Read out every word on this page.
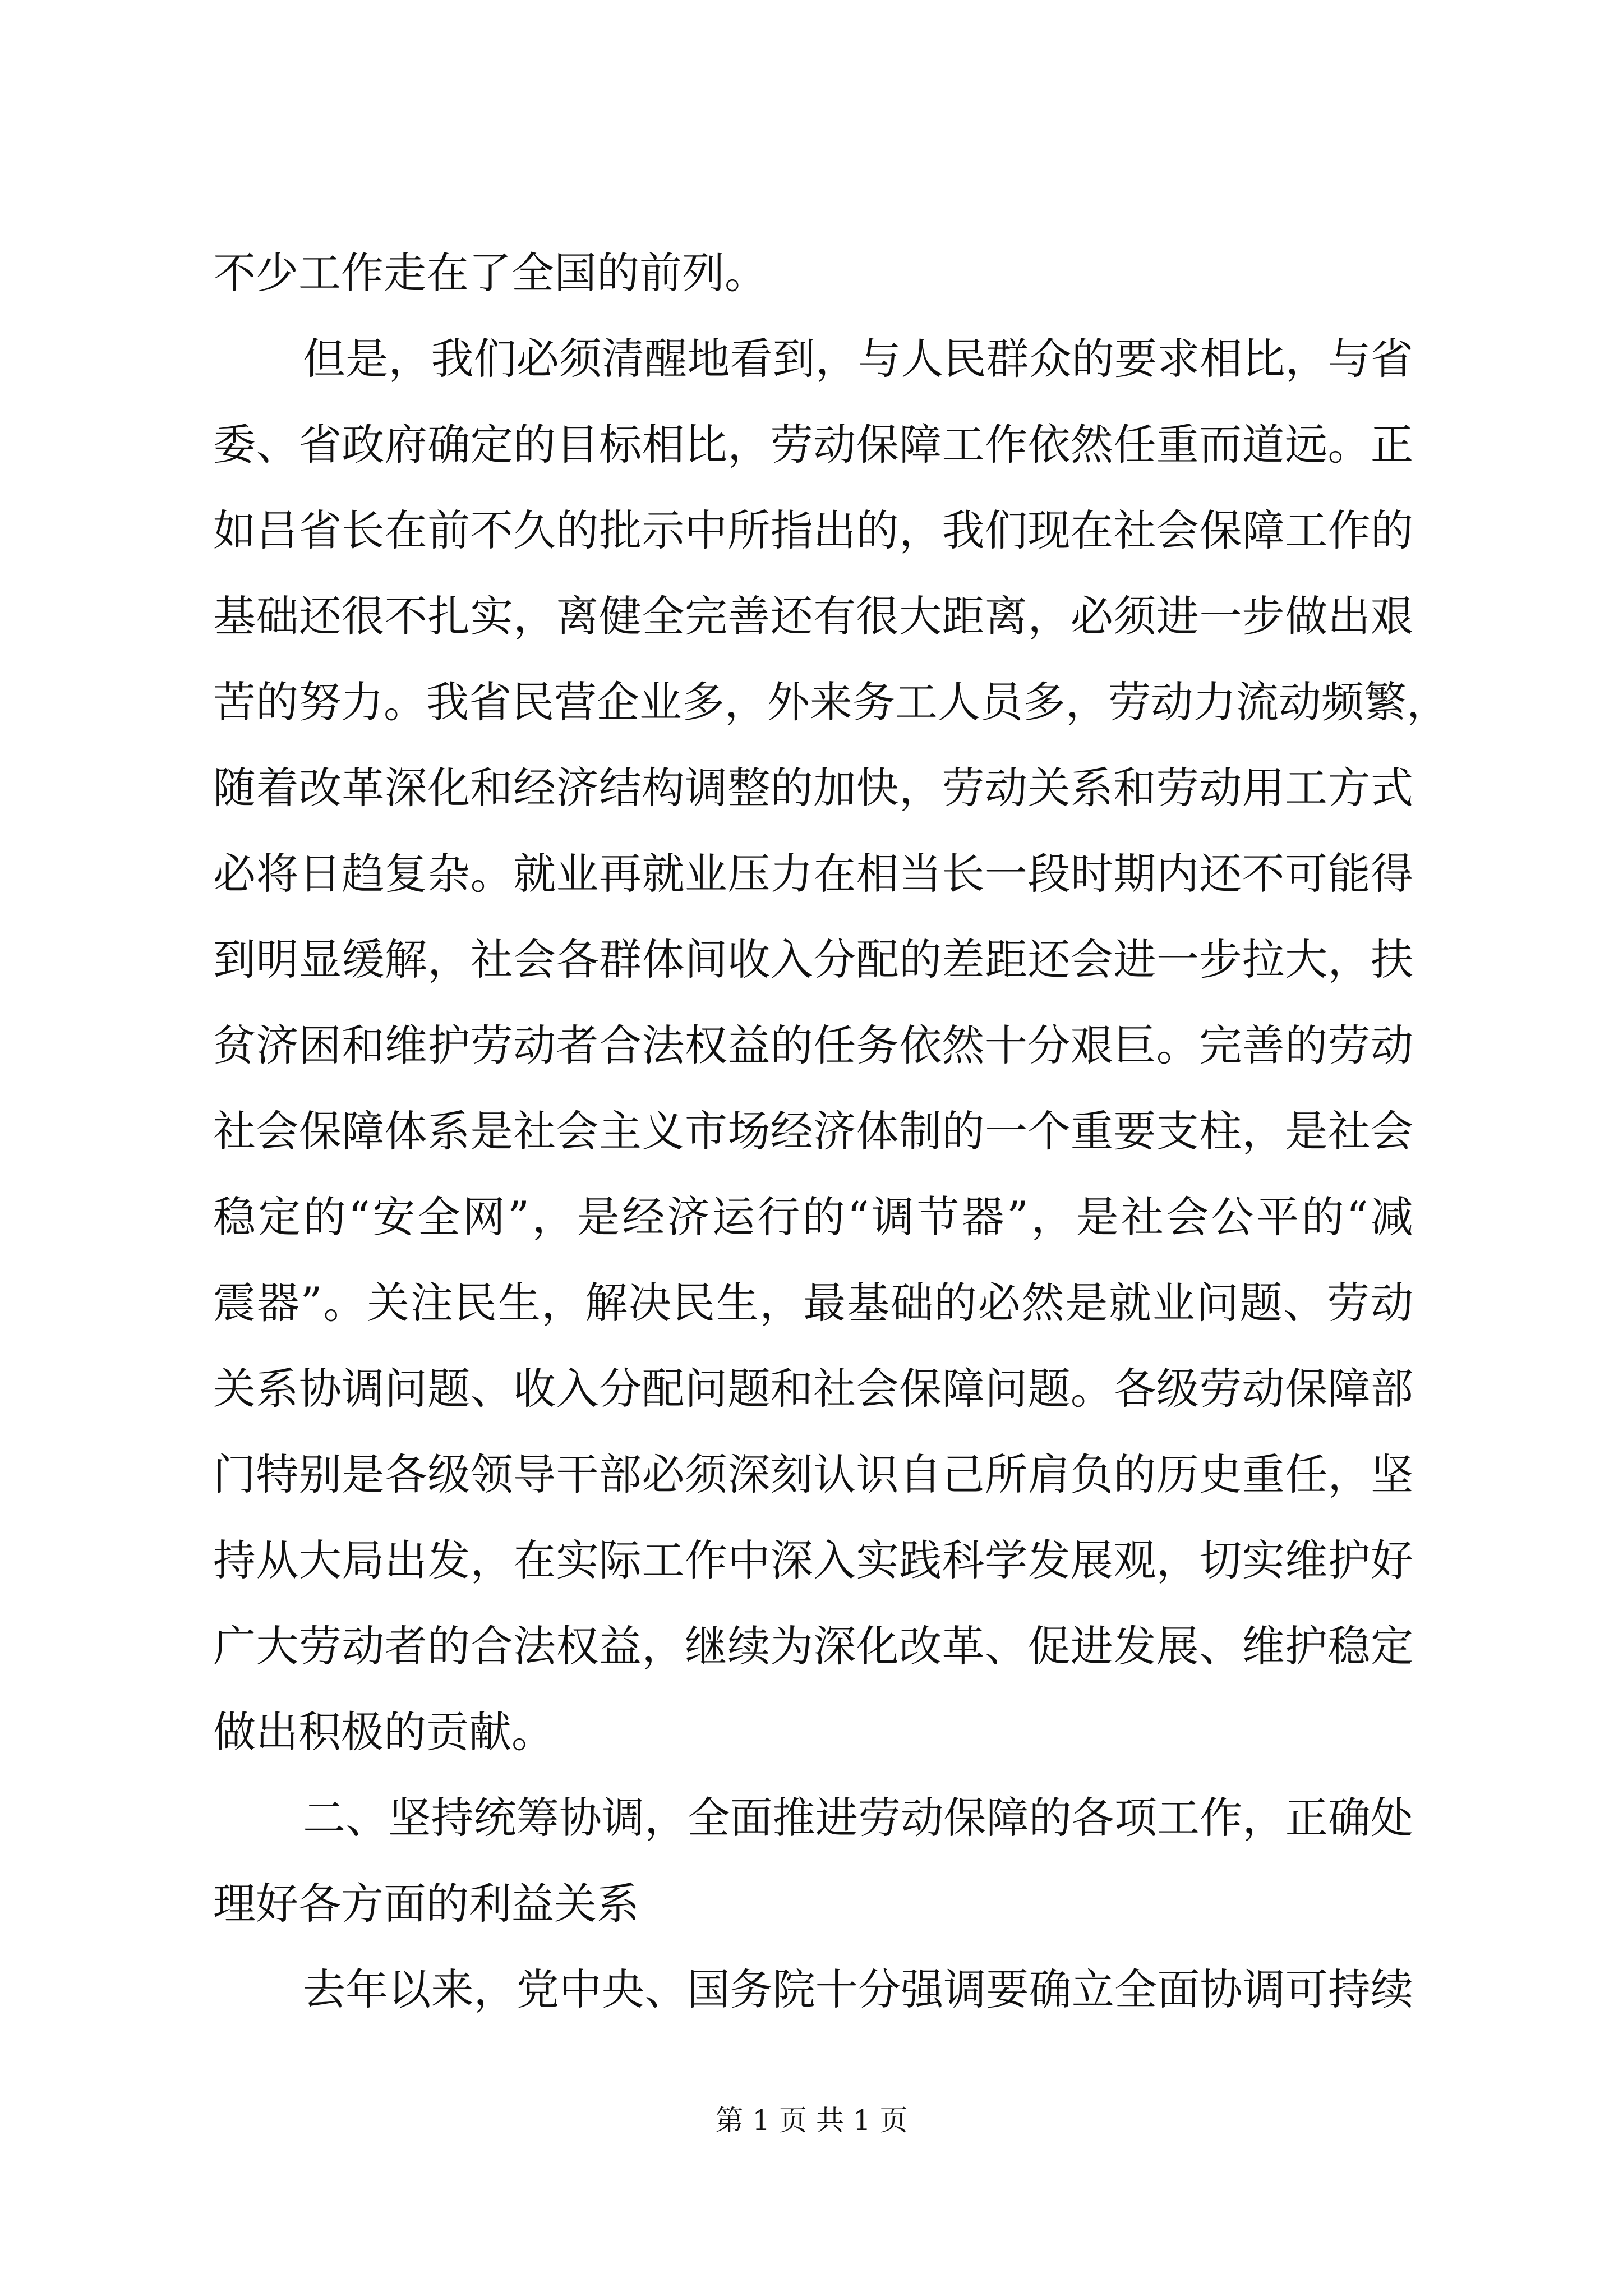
不少工作走在了全国的前列。
但是，我们必须清醒地看到，与人民群众的要求相比，与省
委、省政府确定的目标相比，劳动保障工作依然任重而道远。正
如吕省长在前不久的批示中所指出的，我们现在社会保障工作的
基础还很不扎实，离健全完善还有很大距离，必须进一步做出艰
苦的努力。我省民营企业多，外来务工人员多，劳动力流动频繁，
随着改革深化和经济结构调整的加快，劳动关系和劳动用工方式
必将日趋复杂。就业再就业压力在相当长一段时期内还不可能得
到明显缓解，社会各群体间收入分配的差距还会进一步拉大，扶
贫济困和维护劳动者合法权益的任务依然十分艰巨。完善的劳动
社会保障体系是社会主义市场经济体制的一个重要支柱，是社会
稳定的“安全网”，是经济运行的“调节器”，是社会公平的“减
震器”。关注民生，解决民生，最基础的必然是就业问题、劳动
关系协调问题、收入分配问题和社会保障问题。各级劳动保障部
门特别是各级领导干部必须深刻认识自己所肩负的历史重任，坚
持从大局出发，在实际工作中深入实践科学发展观，切实维护好
广大劳动者的合法权益，继续为深化改革、促进发展、维护稳定
做出积极的贡献。
二、坚持统筹协调，全面推进劳动保障的各项工作，正确处
理好各方面的利益关系
去年以来，党中央、国务院十分强调要确立全面协调可持续
第 1 页 共 1 页
